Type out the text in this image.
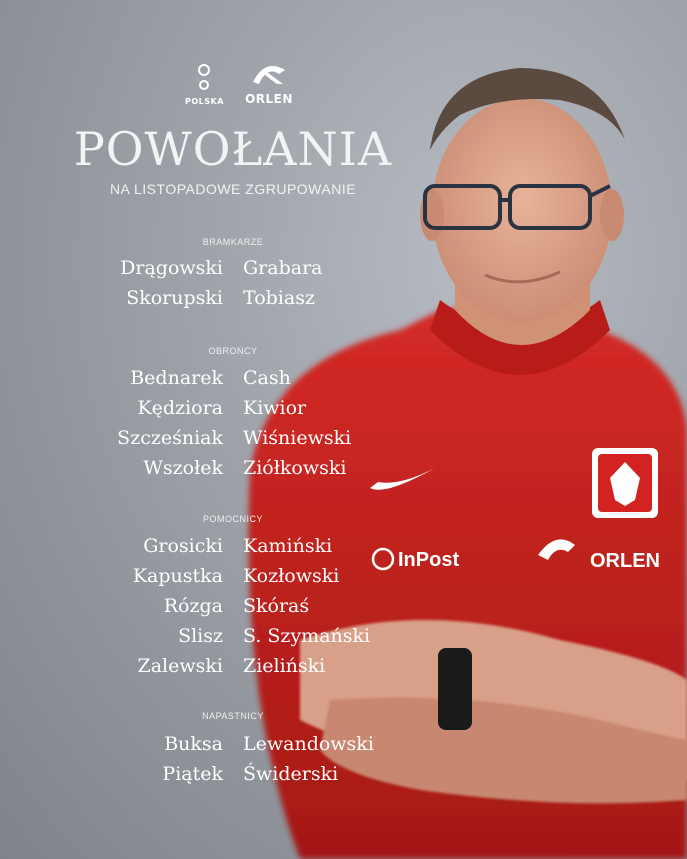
InPost	ORLEN
POLSKA	ORLEN
POWOŁANIA
NA LISTOPADOWE ZGRUPOWANIE
BRAMKARZE
Drągowski Grabara
Skorupski Tobiasz
OBROŃCY
Bednarek Cash
Kędziora Kiwior
Szcześniak Wiśniewski
Wszołek Ziółkowski
POMOCNICY
Grosicki Kamiński
Kapustka Kozłowski
Rózga Skóraś
Slisz S. Szymański
Zalewski Zieliński
NAPASTNICY
Buksa Lewandowski
Piątek Świderski
